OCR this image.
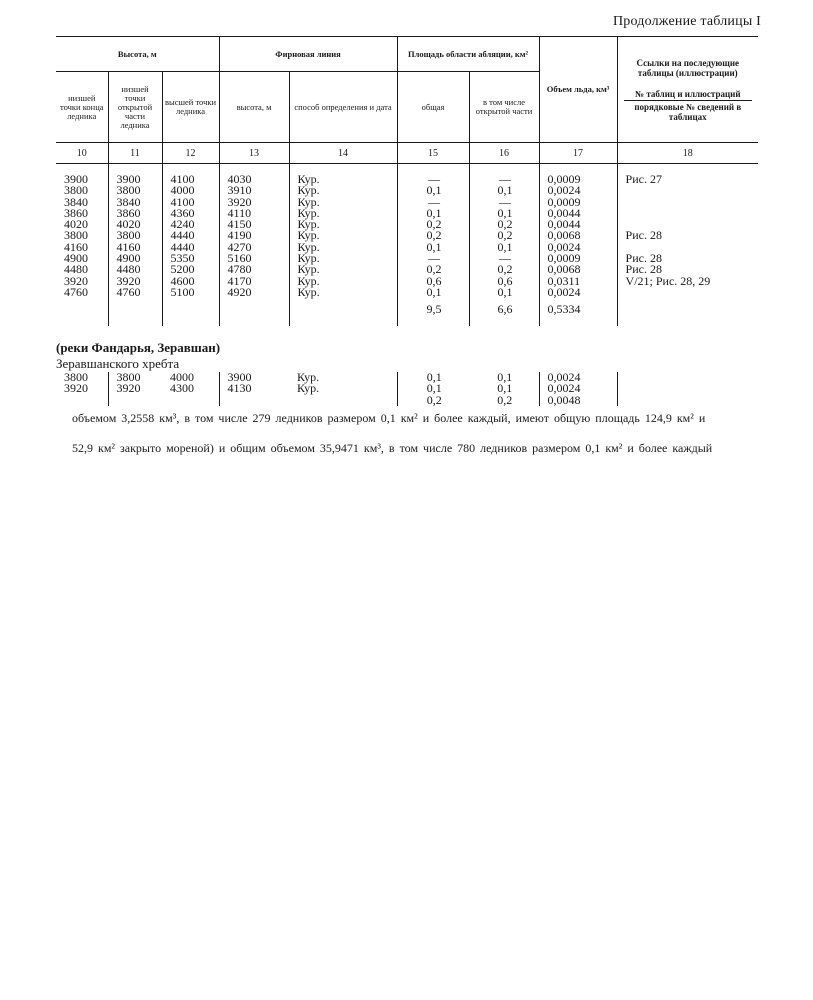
Продолжение таблицы I
Высота, м			Фирновая линия		Площадь области абляции, км²		Объем льда, км³	Ссылки на последующие таблицы (иллюстрации)

№ таблиц и иллюстраций
порядковые № сведений в таблицах

низшей точки конца ледника	низшей точки открытой части ледника	высшей точки ледника	высота, м	способ определения и дата	общая	в том числе открытой части		
10	11	12	13	14	15	16	17	18
3900	3900	4100	4030	Кур.	—	—	0,0009	Рис. 27
3800	3800	4000	3910	Кур.	0,1	0,1	0,0024	
3840	3840	4100	3920	Кур.	—	—	0,0009	
3860	3860	4360	4110	Кур.	0,1	0,1	0,0044	
4020	4020	4240	4150	Кур.	0,2	0,2	0,0044	
3800	3800	4440	4190	Кур.	0,2	0,2	0,0068	Рис. 28
4160	4160	4440	4270	Кур.	0,1	0,1	0,0024	
4900	4900	5350	5160	Кур.	—	—	0,0009	Рис. 28
4480	4480	5200	4780	Кур.	0,2	0,2	0,0068	Рис. 28
3920	3920	4600	4170	Кур.	0,6	0,6	0,0311	V/21; Рис. 28, 29
4760	4760	5100	4920	Кур.	0,1	0,1	0,0024	
					9,5	6,6	0,5334	
(реки Фандарья, Зеравшан)
Зеравшанского хребта
3800	3800	4000	3900	Кур.	0,1	0,1	0,0024	
3920	3920	4300	4130	Кур.	0,1	0,1	0,0024	
					0,2	0,2	0,0048	
объемом 3,2558 км³, в том числе 279 ледников размером 0,1 км² и более каждый, имеют общую площадь 124,9 км² и
52,9 км² закрыто мореной) и общим объемом 35,9471 км³, в том числе 780 ледников размером 0,1 км² и более каждый
